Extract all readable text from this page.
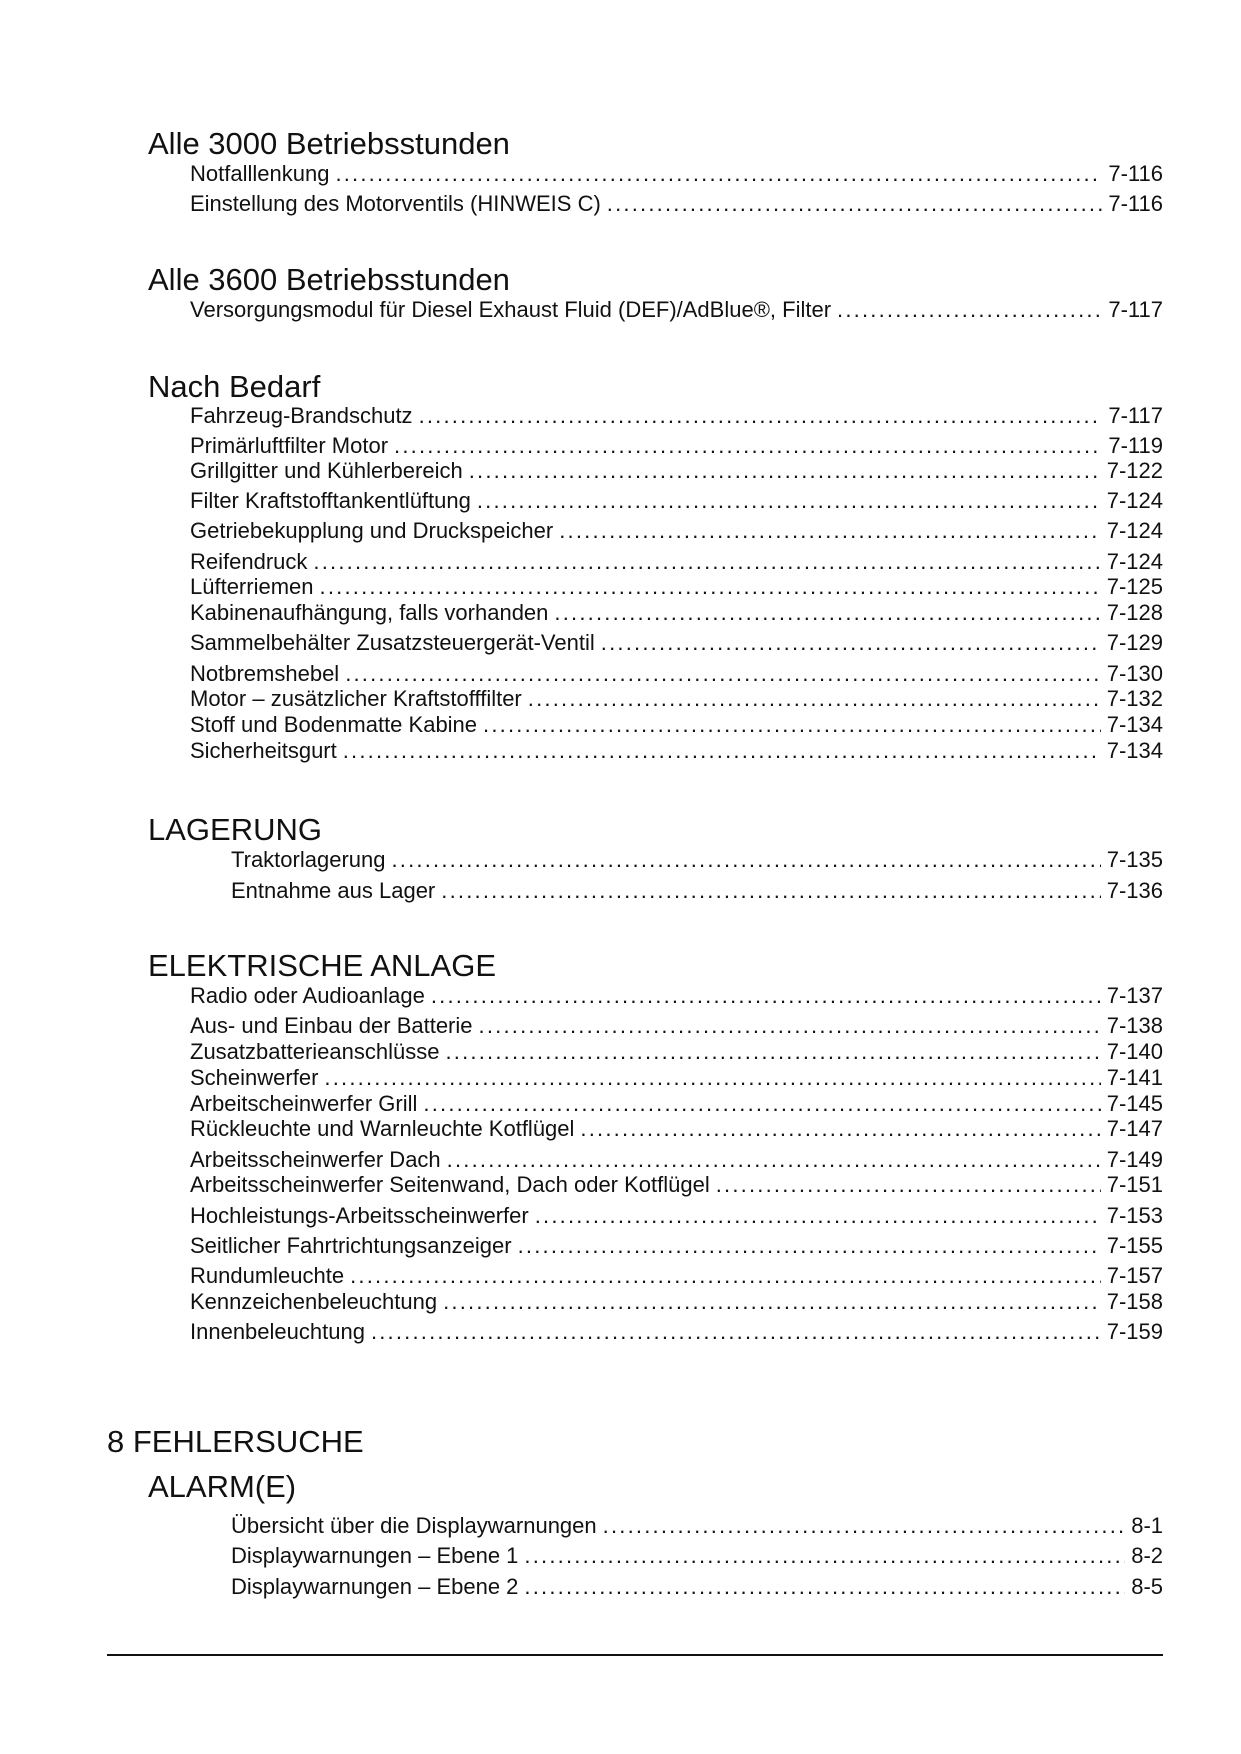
Alle 3000 Betriebsstunden
Notfalllenkung .....	7-116
Einstellung des Motorventils (HINWEIS C) .....	7-116
Alle 3600 Betriebsstunden
Versorgungsmodul für Diesel Exhaust Fluid (DEF)/AdBlue®, Filter .....	7-117
Nach Bedarf
Fahrzeug-Brandschutz .....	7-117
Primärluftfilter Motor .....	7-119
Grillgitter und Kühlerbereich .....	7-122
Filter Kraftstofftankentlüftung .....	7-124
Getriebekupplung und Druckspeicher .....	7-124
Reifendruck .....	7-124
Lüfterriemen .....	7-125
Kabinenaufhängung, falls vorhanden .....	7-128
Sammelbehälter Zusatzsteuergerät-Ventil .....	7-129
Notbremshebel .....	7-130
Motor – zusätzlicher Kraftstofffilter .....	7-132
Stoff und Bodenmatte Kabine .....	7-134
Sicherheitsgurt .....	7-134
LAGERUNG
Traktorlagerung .....	7-135
Entnahme aus Lager .....	7-136
ELEKTRISCHE ANLAGE
Radio oder Audioanlage .....	7-137
Aus- und Einbau der Batterie .....	7-138
Zusatzbatterieanschlüsse .....	7-140
Scheinwerfer .....	7-141
Arbeitscheinwerfer Grill .....	7-145
Rückleuchte und Warnleuchte Kotflügel .....	7-147
Arbeitsscheinwerfer Dach .....	7-149
Arbeitsscheinwerfer Seitenwand, Dach oder Kotflügel .....	7-151
Hochleistungs-Arbeitsscheinwerfer .....	7-153
Seitlicher Fahrtrichtungsanzeiger .....	7-155
Rundumleuchte .....	7-157
Kennzeichenbeleuchtung .....	7-158
Innenbeleuchtung .....	7-159
8 FEHLERSUCHE
ALARM(E)
Übersicht über die Displaywarnungen .....	8-1
Displaywarnungen – Ebene 1 .....	8-2
Displaywarnungen – Ebene 2 .....	8-5
